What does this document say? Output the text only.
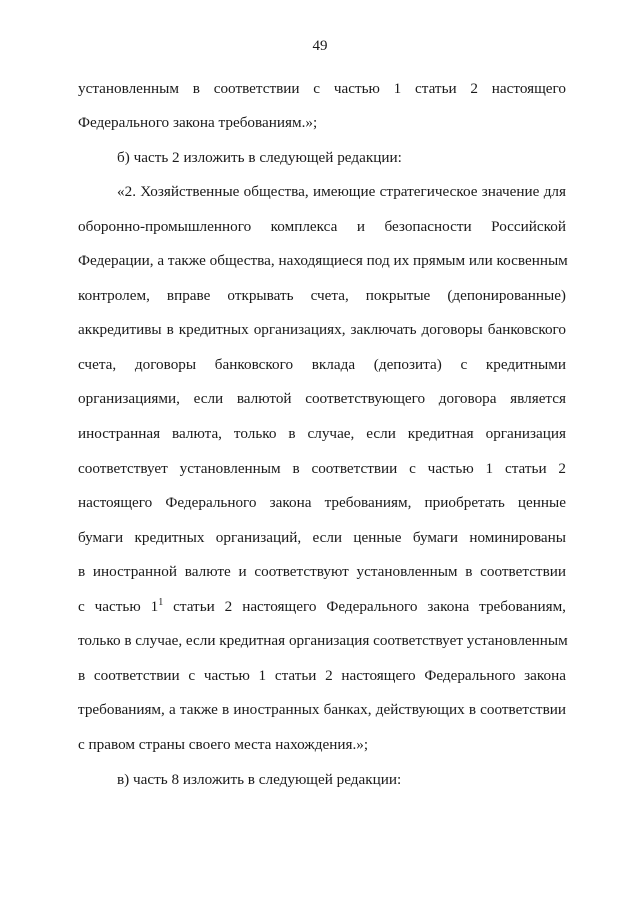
49
установленным в соответствии с частью 1 статьи 2 настоящего
Федерального закона требованиям.»;
б) часть 2 изложить в следующей редакции:
«2. Хозяйственные общества, имеющие стратегическое значение для
оборонно-промышленного комплекса и безопасности Российской
Федерации, а также общества, находящиеся под их прямым или косвенным
контролем, вправе открывать счета, покрытые (депонированные)
аккредитивы в кредитных организациях, заключать договоры банковского
счета, договоры банковского вклада (депозита) с кредитными
организациями, если валютой соответствующего договора является
иностранная валюта, только в случае, если кредитная организация
соответствует установленным в соответствии с частью 1 статьи 2
настоящего Федерального закона требованиям, приобретать ценные
бумаги кредитных организаций, если ценные бумаги номинированы
в иностранной валюте и соответствуют установленным в соответствии
с частью $1^1$ статьи 2 настоящего Федерального закона требованиям,
только в случае, если кредитная организация соответствует установленным
в соответствии с частью 1 статьи 2 настоящего Федерального закона
требованиям, а также в иностранных банках, действующих в соответствии
с правом страны своего места нахождения.»;
в) часть 8 изложить в следующей редакции:
